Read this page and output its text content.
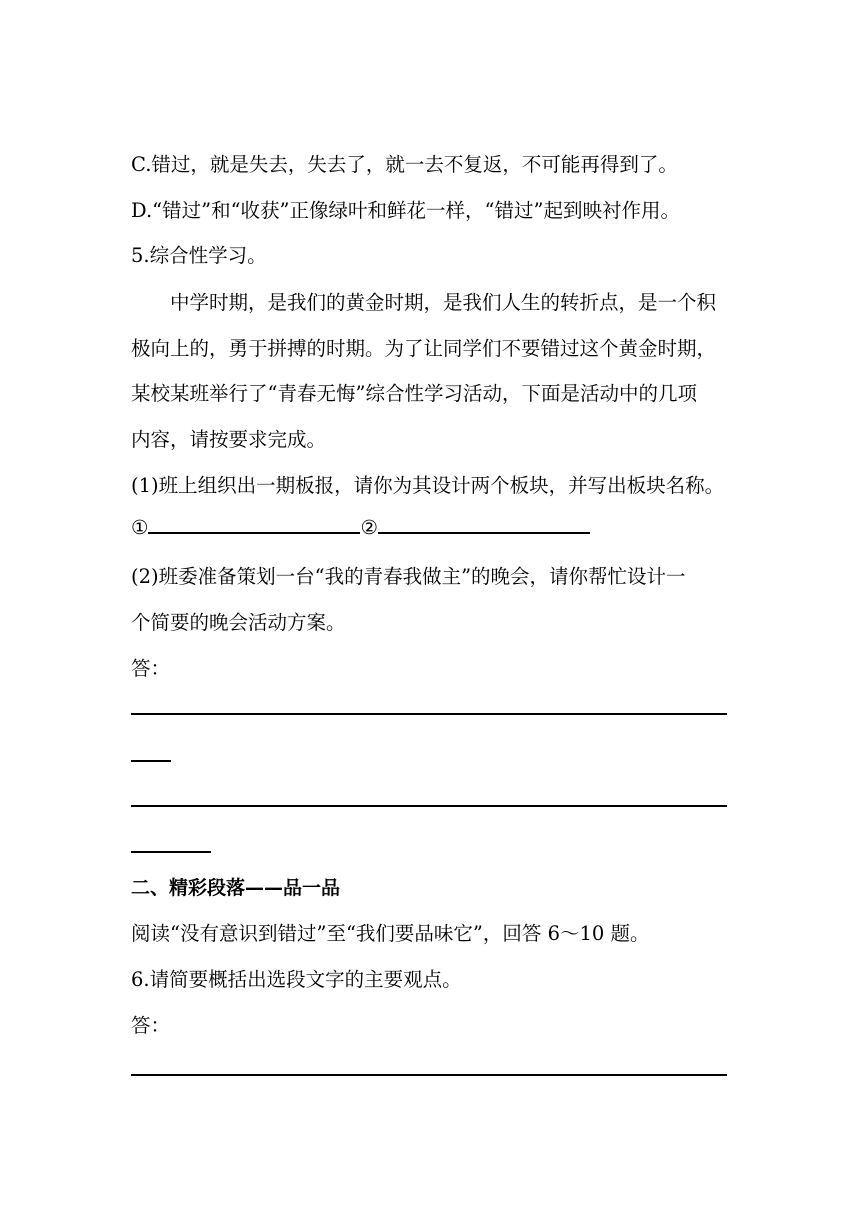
C.错过，就是失去，失去了，就一去不复返，不可能再得到了。
D.“错过”和“收获”正像绿叶和鲜花一样，“错过”起到映衬作用。
5.综合性学习。
中学时期，是我们的黄金时期，是我们人生的转折点，是一个积
极向上的，勇于拼搏的时期。为了让同学们不要错过这个黄金时期，
某校某班举行了“青春无悔”综合性学习活动，下面是活动中的几项
内容，请按要求完成。
(1)班上组织出一期板报，请你为其设计两个板块，并写出板块名称。
①	②
(2)班委准备策划一台“我的青春我做主”的晚会，请你帮忙设计一
个简要的晚会活动方案。
答：
二、精彩段落——品一品
阅读“没有意识到错过”至“我们要品味它”，回答 6～10 题。
6.请简要概括出选段文字的主要观点。
答：
